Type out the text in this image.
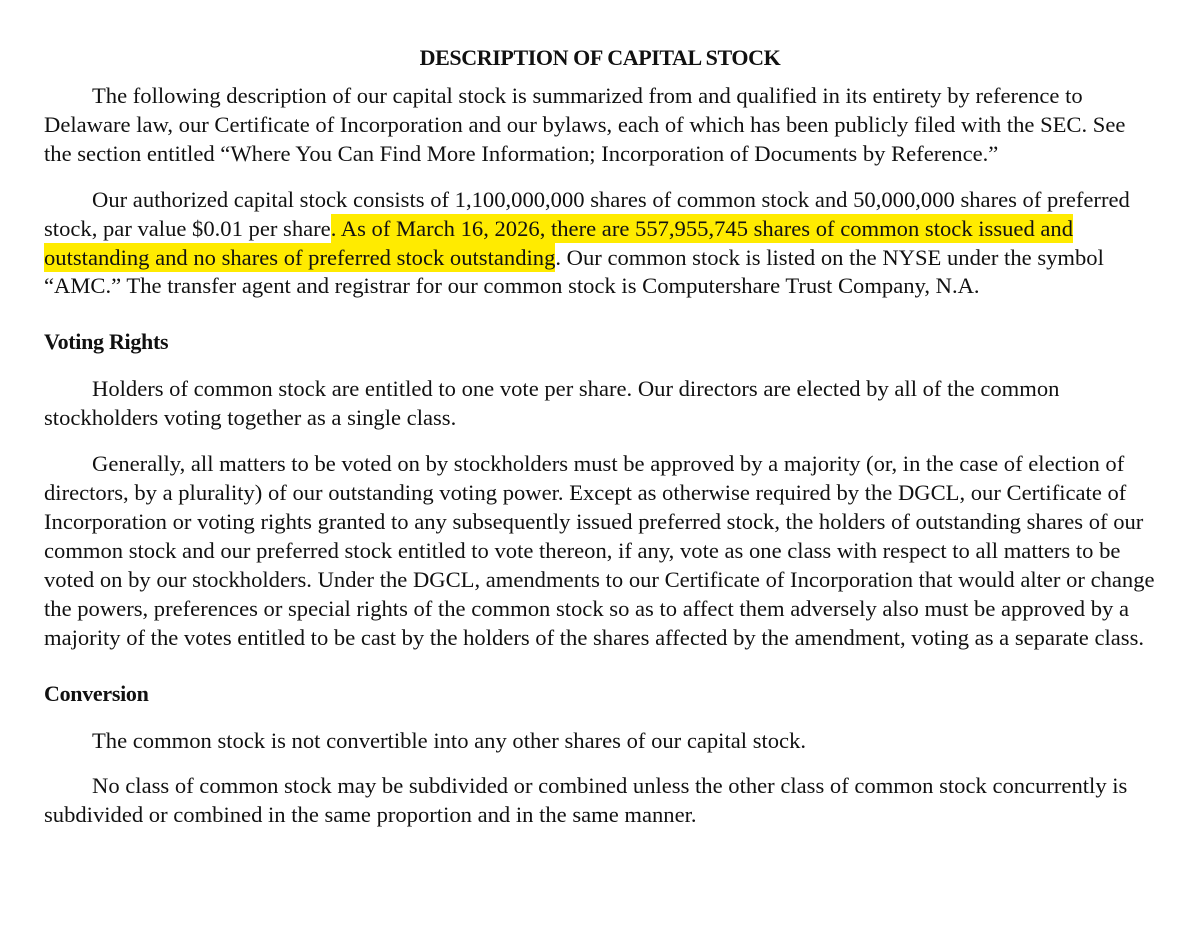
DESCRIPTION OF CAPITAL STOCK

The following description of our capital stock is summarized from and qualified in its entirety by reference to Delaware law, our Certificate of Incorporation and our bylaws, each of which has been publicly filed with the SEC. See the section entitled “Where You Can Find More Information; Incorporation of Documents by Reference.”

Our authorized capital stock consists of 1,100,000,000 shares of common stock and 50,000,000 shares of preferred stock, par value $0.01 per share. As of March 16, 2026, there are 557,955,745 shares of common stock issued and outstanding and no shares of preferred stock outstanding. Our common stock is listed on the NYSE under the symbol “AMC.” The transfer agent and registrar for our common stock is Computershare Trust Company, N.A.

Voting Rights

Holders of common stock are entitled to one vote per share. Our directors are elected by all of the common stockholders voting together as a single class.

Generally, all matters to be voted on by stockholders must be approved by a majority (or, in the case of election of directors, by a plurality) of our outstanding voting power. Except as otherwise required by the DGCL, our Certificate of Incorporation or voting rights granted to any subsequently issued preferred stock, the holders of outstanding shares of our common stock and our preferred stock entitled to vote thereon, if any, vote as one class with respect to all matters to be voted on by our stockholders. Under the DGCL, amendments to our Certificate of Incorporation that would alter or change the powers, preferences or special rights of the common stock so as to affect them adversely also must be approved by a majority of the votes entitled to be cast by the holders of the shares affected by the amendment, voting as a separate class.

Conversion

The common stock is not convertible into any other shares of our capital stock.

No class of common stock may be subdivided or combined unless the other class of common stock concurrently is subdivided or combined in the same proportion and in the same manner.
